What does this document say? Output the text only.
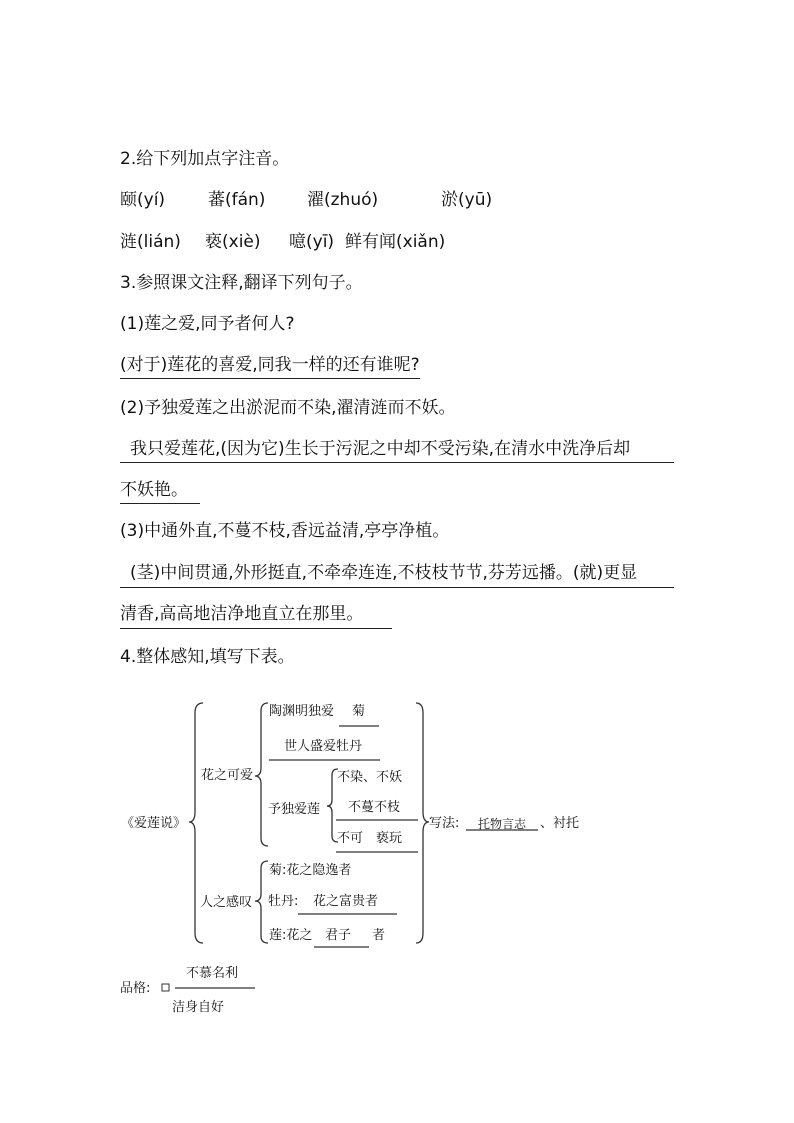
2.给下列加点字注音。
颐(yí)	蕃(fán) 濯(zhuó)	淤(yū)
涟(lián) 亵(xiè) 噫(yī) 鲜有闻(xiǎn)
3.参照课文注释,翻译下列句子。
(1)莲之爱,同予者何人?
(对于)莲花的喜爱,同我一样的还有谁呢?
(2)予独爱莲之出淤泥而不染,濯清涟而不妖。
我只爱莲花,(因为它)生长于污泥之中却不受污染,在清水中洗净后却
不妖艳。
(3)中通外直,不蔓不枝,香远益清,亭亭净植。
(茎)中间贯通,外形挺直,不牵牵连连,不枝枝节节,芬芳远播。(就)更显
清香,高高地洁净地直立在那里。
4.整体感知,填写下表。
《爱莲说》
花之可爱
陶渊明独爱 菊
世人盛爱牡丹
予独爱莲
不染、不妖
不蔓不枝
不可 亵玩
写法: 托物言志 、衬托
人之感叹
菊:花之隐逸者
牡丹: 花之富贵者
莲:花之 君子 者
品格:
不慕名利
洁身自好
